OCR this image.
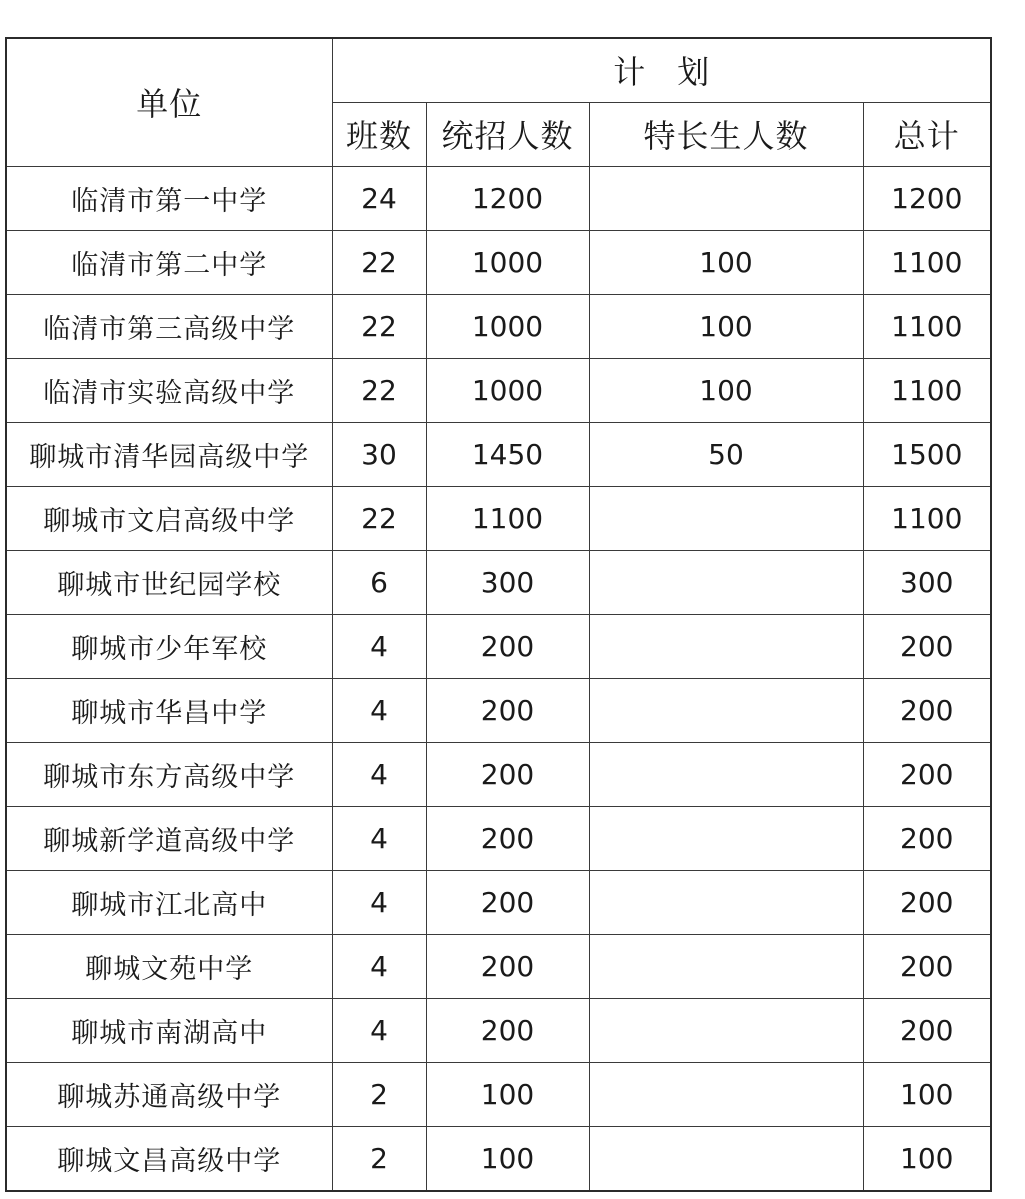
单位	计　划			
	班数	统招人数	特长生人数	总计
临清市第一中学	24	1200		1200
临清市第二中学	22	1000	100	1100
临清市第三高级中学	22	1000	100	1100
临清市实验高级中学	22	1000	100	1100
聊城市清华园高级中学	30	1450	50	1500
聊城市文启高级中学	22	1100		1100
聊城市世纪园学校	6	300		300
聊城市少年军校	4	200		200
聊城市华昌中学	4	200		200
聊城市东方高级中学	4	200		200
聊城新学道高级中学	4	200		200
聊城市江北高中	4	200		200
聊城文苑中学	4	200		200
聊城市南湖高中	4	200		200
聊城苏通高级中学	2	100		100
聊城文昌高级中学	2	100		100
